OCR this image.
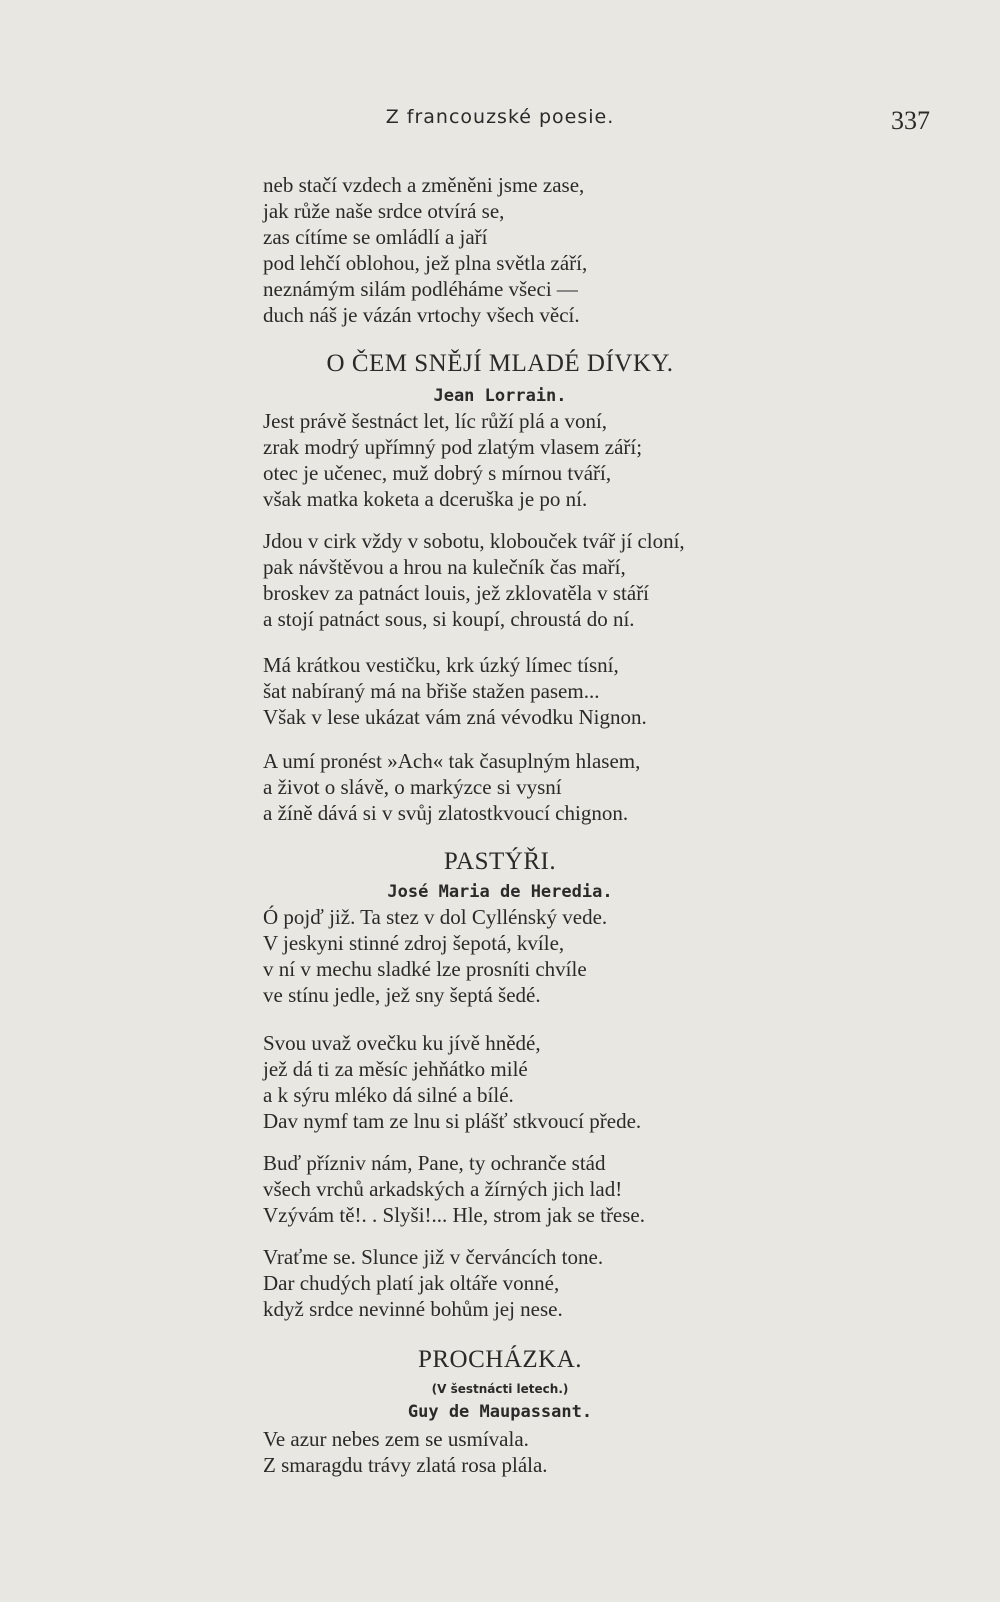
Z francouzské poesie.	337
neb stačí vzdech a změněni jsme zase,
jak růže naše srdce otvírá se,
zas cítíme se omládlí a jaří
pod lehčí oblohou, jež plna světla září,
neznámým silám podléháme všeci —
duch náš je vázán vrtochy všech věcí.
O ČEM SNĚJÍ MLADÉ DÍVKY.
Jean Lorrain.
Jest právě šestnáct let, líc růží plá a voní,
zrak modrý upřímný pod zlatým vlasem září;
otec je učenec, muž dobrý s mírnou tváří,
však matka koketa a dceruška je po ní.
Jdou v cirk vždy v sobotu, klobouček tvář jí cloní,
pak návštěvou a hrou na kulečník čas maří,
broskev za patnáct louis, jež zklovatěla v stáří
a stojí patnáct sous, si koupí, chroustá do ní.
Má krátkou vestičku, krk úzký límec tísní,
šat nabíraný má na břiše stažen pasem...
Však v lese ukázat vám zná vévodku Nignon.
A umí pronést »Ach« tak časuplným hlasem,
a život o slávě, o markýzce si vysní
a žíně dává si v svůj zlatostkvoucí chignon.
PASTÝŘI.
José Maria de Heredia.
Ó pojď již. Ta stez v dol Cyllénský vede.
V jeskyni stinné zdroj šepotá, kvíle,
v ní v mechu sladké lze prosníti chvíle
ve stínu jedle, jež sny šeptá šedé.
Svou uvaž ovečku ku jívě hnědé,
jež dá ti za měsíc jehňátko milé
a k sýru mléko dá silné a bílé.
Dav nymf tam ze lnu si plášť stkvoucí přede.
Buď přízniv nám, Pane, ty ochranče stád
všech vrchů arkadských a žírných jich lad!
Vzývám tě!. . Slyši!... Hle, strom jak se třese.
Vraťme se. Slunce již v červáncích tone.
Dar chudých platí jak oltáře vonné,
když srdce nevinné bohům jej nese.
PROCHÁZKA.
(V šestnácti letech.)
Guy de Maupassant.
Ve azur nebes zem se usmívala.
Z smaragdu trávy zlatá rosa plála.
